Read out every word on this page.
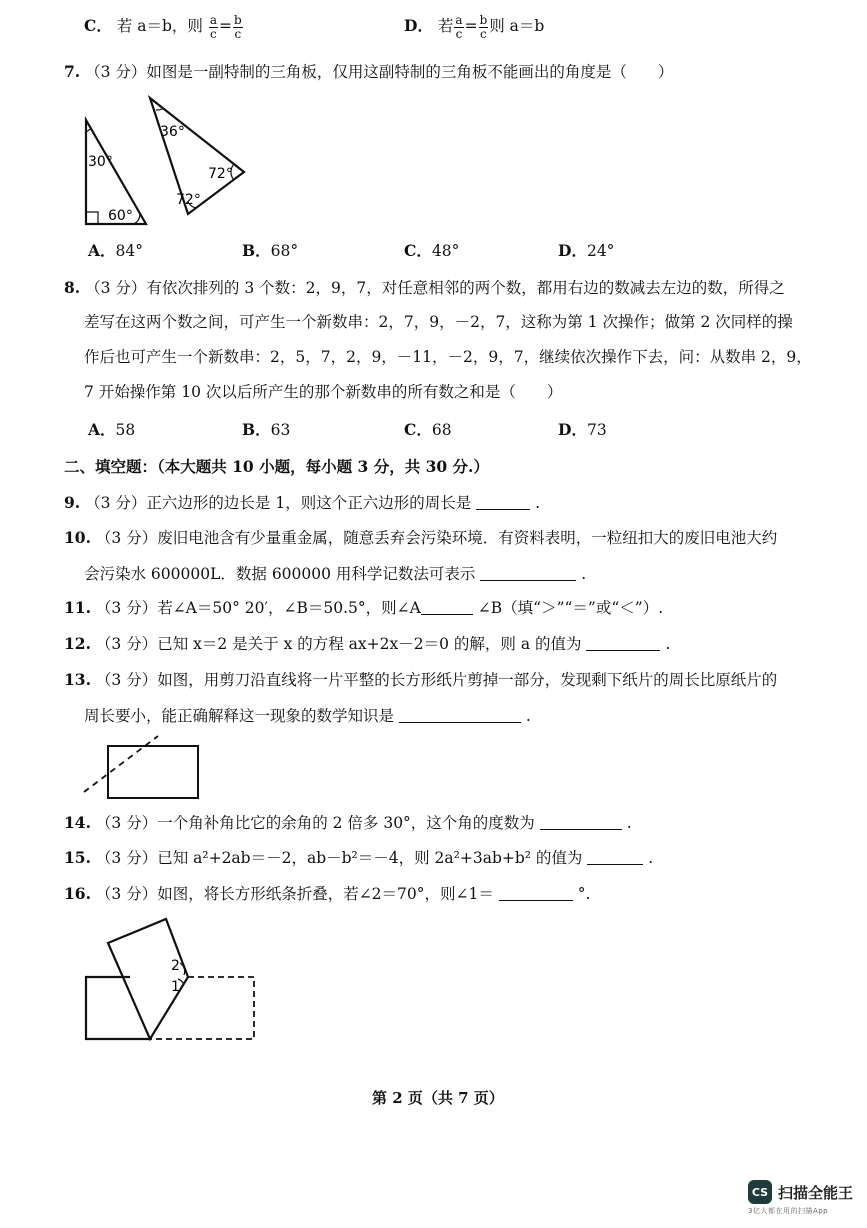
C． 若 a＝b，则 $\frac{a}{c} = \frac{b}{c}$	D． 若 $\frac{a}{c} = \frac{b}{c}$ 则 a＝b
7. （3 分）如图是一副特制的三角板，仅用这副特制的三角板不能画出的角度是（　　）
30°
60°
36°
72°
72°
A．84°	B．68°	C．48°	D．24°
8. （3 分）有依次排列的 3 个数：2，9，7，对任意相邻的两个数，都用右边的数减去左边的数，所得之
差写在这两个数之间，可产生一个新数串：2，7，9，－2，7，这称为第 1 次操作；做第 2 次同样的操
作后也可产生一个新数串：2，5，7，2，9，－11，－2，9，7，继续依次操作下去，问：从数串 2，9，
7 开始操作第 10 次以后所产生的那个新数串的所有数之和是（　　）
A．58	B．63	C．68	D．73
二、填空题：（本大题共 10 小题，每小题 3 分，共 30 分.）
9. （3 分）正六边形的边长是 1，则这个正六边形的周长是	.
10. （3 分）废旧电池含有少量重金属，随意丢弃会污染环境．有资料表明，一粒纽扣大的废旧电池大约
会污染水 600000L．数据 600000 用科学记数法可表示	.
11. （3 分）若∠A＝50° 20′，∠B＝50.5°，则∠A	∠B（填“＞”“＝”或“＜”）.
12. （3 分）已知 x＝2 是关于 x 的方程 ax+2x－2＝0 的解，则 a 的值为	.
13. （3 分）如图，用剪刀沿直线将一片平整的长方形纸片剪掉一部分，发现剩下纸片的周长比原纸片的
周长要小，能正确解释这一现象的数学知识是	.
14. （3 分）一个角补角比它的余角的 2 倍多 30°，这个角的度数为	.
15. （3 分）已知 a²+2ab＝－2，ab－b²＝－4，则 2a²+3ab+b² 的值为	.
16. （3 分）如图，将长方形纸条折叠，若∠2＝70°，则∠1＝	°.
2
1
第 2 页（共 7 页）
CS 扫描全能王
3亿人都在用的扫描App
